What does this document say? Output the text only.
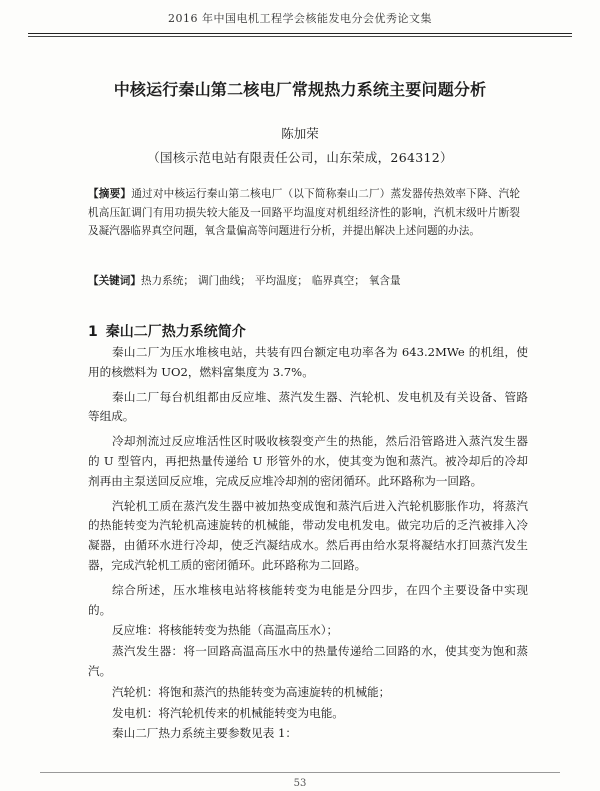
2016 年中国电机工程学会核能发电分会优秀论文集
中核运行秦山第二核电厂常规热力系统主要问题分析
陈加荣
（国核示范电站有限责任公司，山东荣成，264312）
【摘要】通过对中核运行秦山第二核电厂（以下简称秦山二厂）蒸发器传热效率下降、汽轮机高压缸调门有用功损失较大能及一回路平均温度对机组经济性的影响，汽机末级叶片断裂及凝汽器临界真空问题，氧含量偏高等问题进行分析，并提出解决上述问题的办法。
【关键词】热力系统； 调门曲线； 平均温度； 临界真空； 氧含量
1 秦山二厂热力系统简介

秦山二厂为压水堆核电站，共装有四台额定电功率各为 643.2MWe 的机组，使用的核燃料为 UO2，燃料富集度为 3.7%。

秦山二厂每台机组都由反应堆、蒸汽发生器、汽轮机、发电机及有关设备、管路等组成。

冷却剂流过反应堆活性区时吸收核裂变产生的热能，然后沿管路进入蒸汽发生器的 U 型管内，再把热量传递给 U 形管外的水，使其变为饱和蒸汽。被冷却后的冷却剂再由主泵送回反应堆，完成反应堆冷却剂的密闭循环。此环路称为一回路。

汽轮机工质在蒸汽发生器中被加热变成饱和蒸汽后进入汽轮机膨胀作功，将蒸汽的热能转变为汽轮机高速旋转的机械能，带动发电机发电。做完功后的乏汽被排入冷凝器，由循环水进行冷却，使乏汽凝结成水。然后再由给水泵将凝结水打回蒸汽发生器，完成汽轮机工质的密闭循环。此环路称为二回路。

综合所述，压水堆核电站将核能转变为电能是分四步，在四个主要设备中实现的。

反应堆：将核能转变为热能（高温高压水）；

蒸汽发生器：将一回路高温高压水中的热量传递给二回路的水，使其变为饱和蒸汽。

汽轮机：将饱和蒸汽的热能转变为高速旋转的机械能；

发电机：将汽轮机传来的机械能转变为电能。

秦山二厂热力系统主要参数见表 1：

53
